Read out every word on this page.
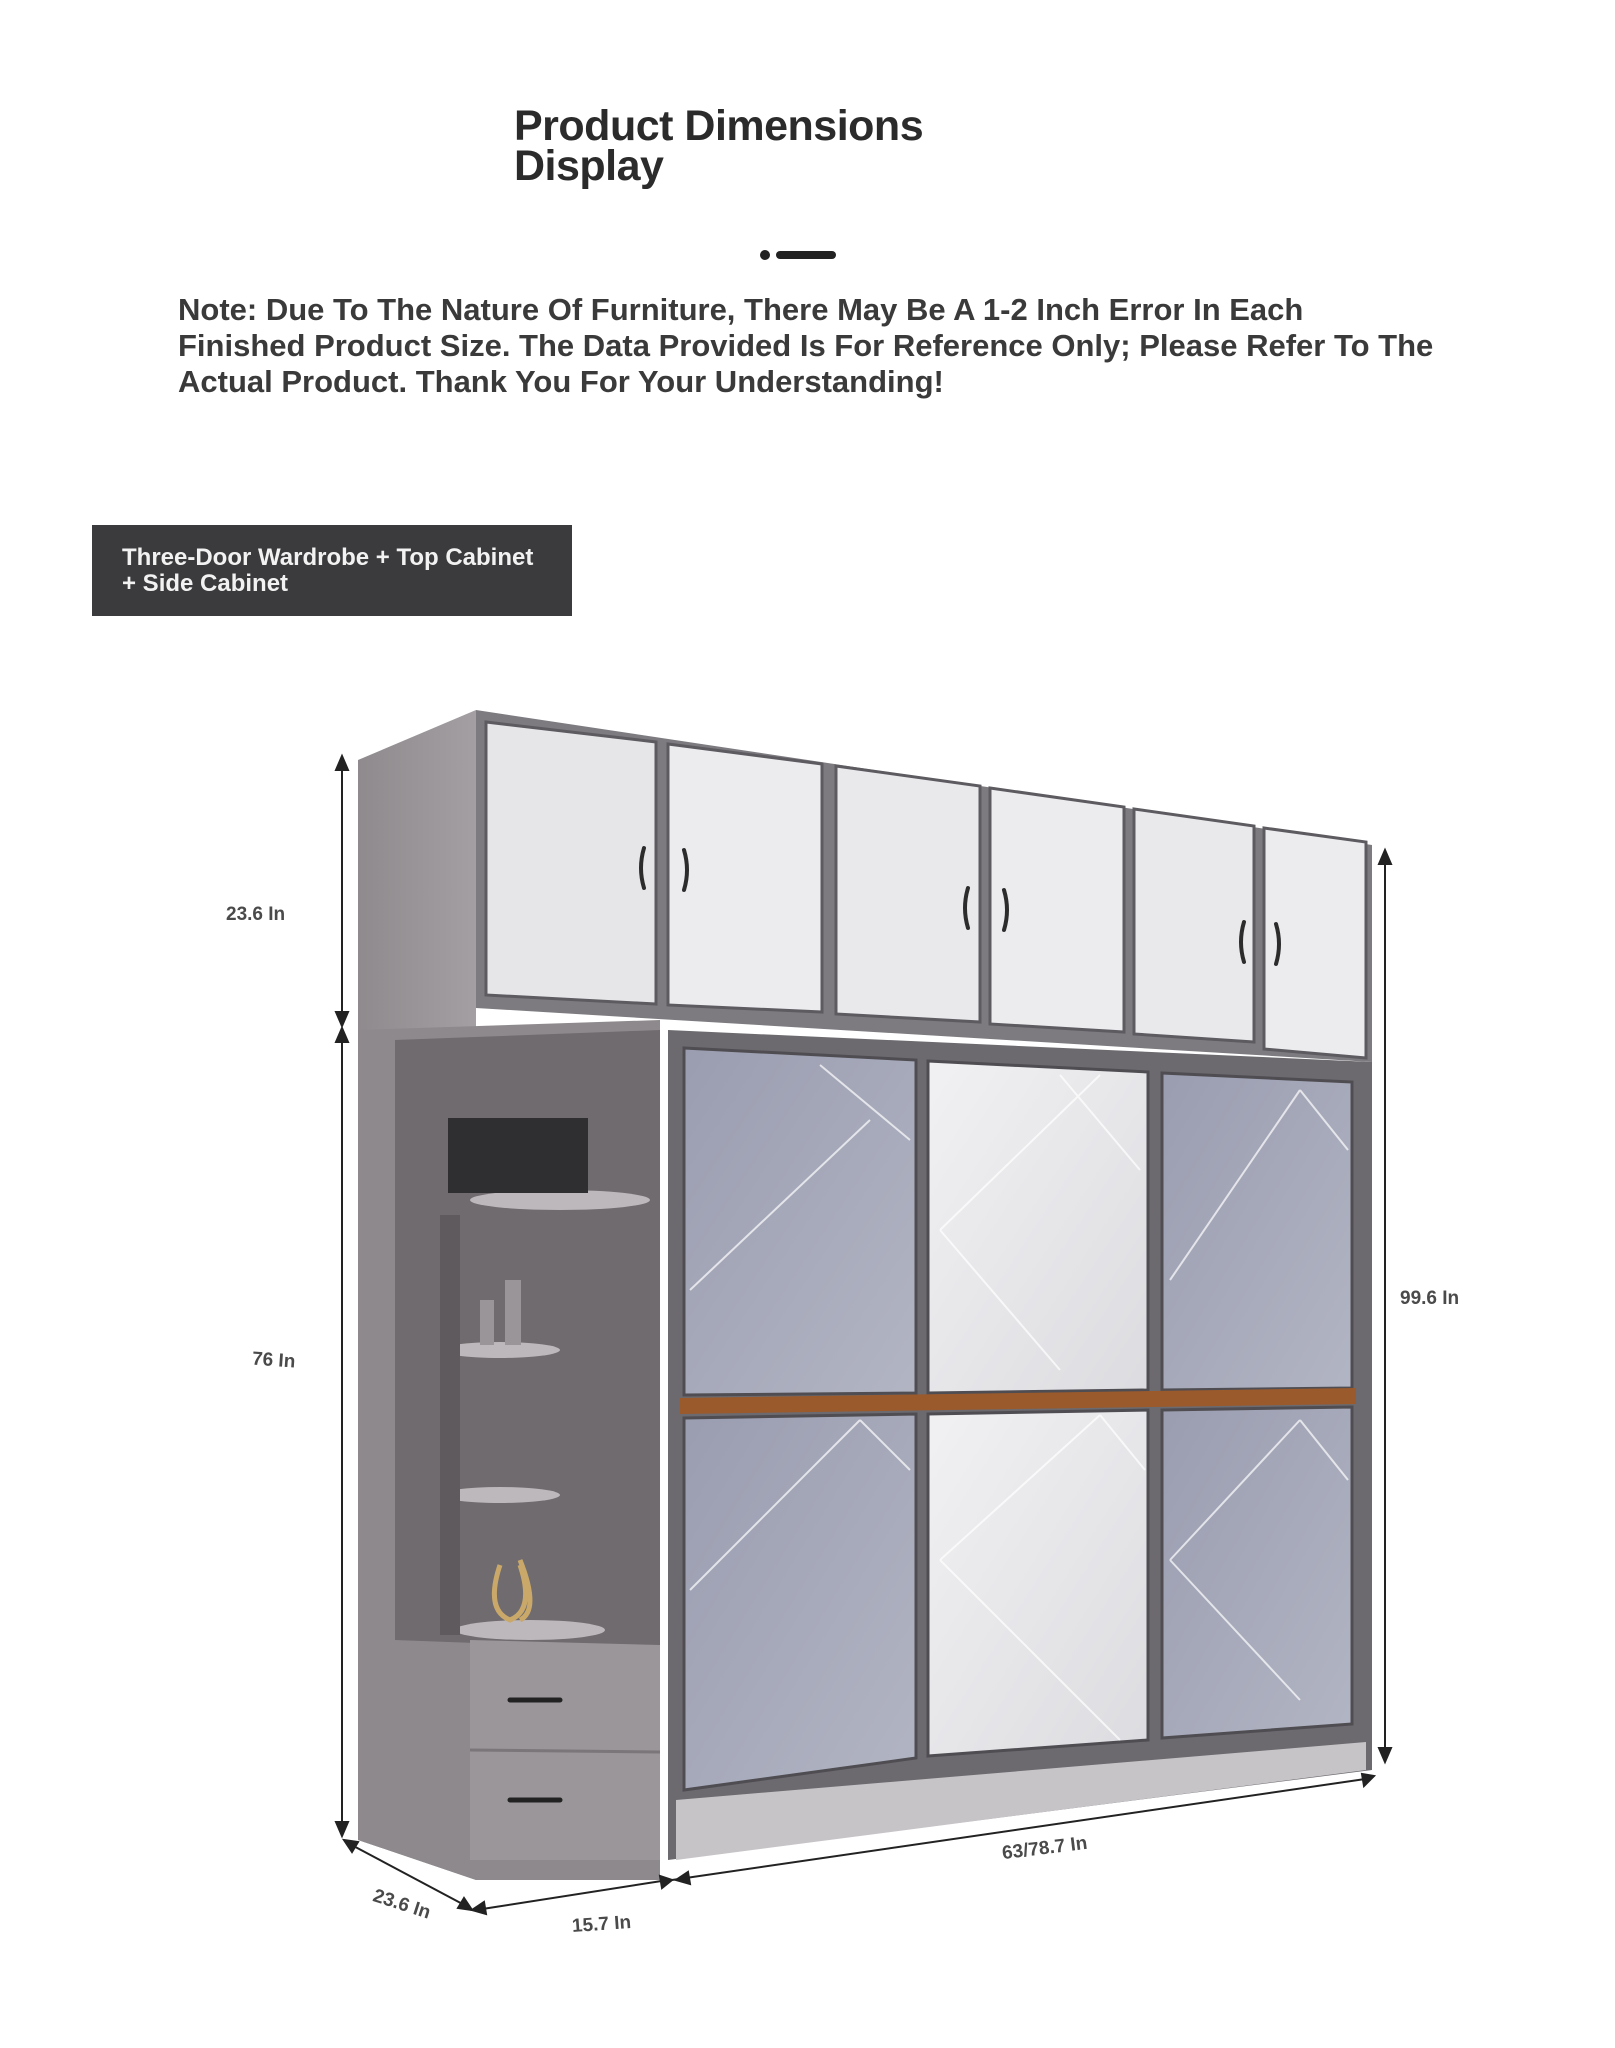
Product Dimensions
Display
Note: Due To The Nature Of Furniture, There May Be A 1-2 Inch Error In Each Finished Product Size. The Data Provided Is For Reference Only; Please Refer To The Actual Product. Thank You For Your Understanding!
Three-Door Wardrobe + Top Cabinet + Side Cabinet
23.6 In
76 In
99.6 In
63/78.7 In
23.6 In
15.7 In
